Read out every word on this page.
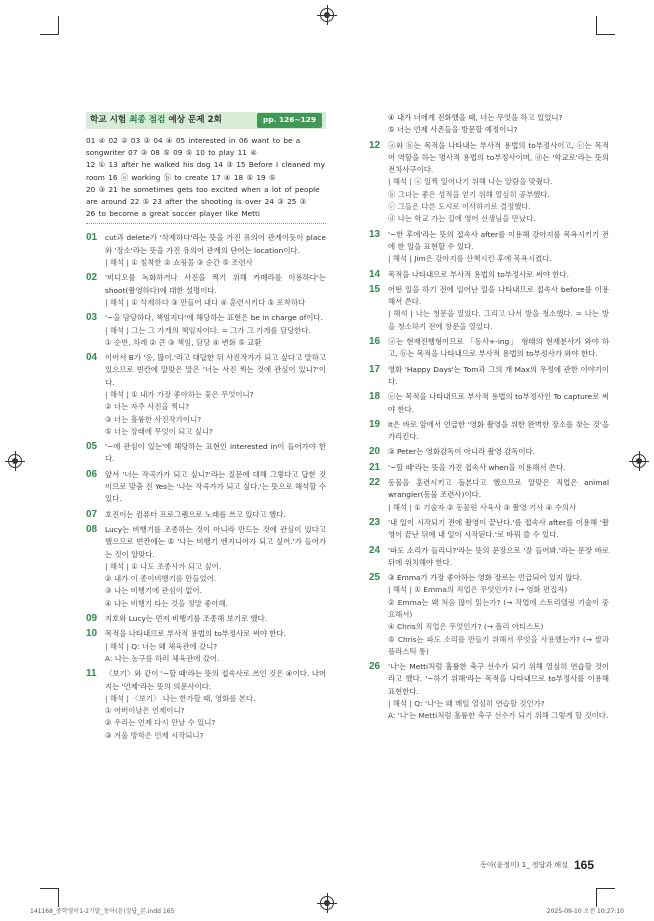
학교 시험 최종 점검 예상 문제 2회	pp. 126~129
01 ④ 02 ② 03 ③ 04 ④ 05 interested in 06 want to be a songwriter 07 ③ 08 ⑤ 09 ⑤ 10 to play 11 ④
12 ① 13 after he walked his dog 14 ③ 15 Before I cleaned my room 16 ⓐ working ⓑ to create 17 ④ 18 ⑤ 19 ⑤
20 ③ 21 he sometimes gets too excited when a lot of people are around 22 ⑤ 23 after the shooting is over 24 ③ 25 ③
26 to become a great soccer player like Metti
01	cut과 delete가 '삭제하다'라는 뜻을 가진 유의어 관계이듯이 place와 '장소'라는 뜻을 가진 유의어 관계의 단어는 location이다.
| 해석 | ① 침착한 ② 쇼핑몰 ③ 순간 ⑤ 조련사
02	'비디오를 녹화하거나 사진을 찍기 위해 카메라를 이용하다'는 shoot(촬영하다)에 대한 설명이다.
| 해석 | ① 삭제하다 ③ 만들어 내다 ④ 훈련시키다 ⑤ 포착하다
03	'~을 담당하다, 책임지다'에 해당하는 표현은 be in charge of이다.
| 해석 | 그는 그 가게의 책임자이다. = 그가 그 가게를 담당한다.
① 순번, 차례 ② 큰 ③ 책임, 담당 ④ 변화 ⑤ 교환
04	이어서 B가 '응, 많이.'라고 대답한 뒤 사진작가가 되고 싶다고 말하고 있으므로 빈칸에 알맞은 말은 '너는 사진 찍는 것에 관심이 있니?'이다.
| 해석 | ① 내가 가장 좋아하는 꽃은 무엇이니?
② 너는 자주 사진을 찍니?
③ 너는 훌륭한 사진작가이니?
⑤ 너는 장래에 무엇이 되고 싶니?
05	'~에 관심이 있는'에 해당하는 표현인 interested in이 들어가야 한다.
06	앞서 '너는 작곡가가 되고 싶니?'라는 질문에 대해 그렇다고 답한 것이므로 맞춤 진 Yes는 '나는 작곡가가 되고 싶다.'는 뜻으로 해석할 수 있다.
07	호진이는 컴퓨터 프로그램으로 노래를 쓰고 있다고 했다.
08	Lucy는 비행기를 조종하는 것이 아니라 만드는 것에 관심이 있다고 했으므로 빈칸에는 ⑤ '나는 비행기 엔지니어가 되고 싶어.'가 들어가는 것이 알맞다.
| 해석 | ① 나도 조종사가 되고 싶어.
② 내가 이 종이비행기를 만들었어.
③ 나는 비행기에 관심이 없어.
④ 나는 비행기 타는 것을 정말 좋아해.
09	지호와 Lucy는 먼저 비행기를 조종해 보기로 했다.
10	목적을 나타내므로 부사적 용법의 to부정사로 써야 한다.
| 해석 | Q: 너는 왜 체육관에 갔니?
A: 나는 농구를 하러 체육관에 갔어.
11	〈보기〉와 같이 '~할 때'라는 뜻의 접속사로 쓰인 것은 ④이다. 나머지는 '언제'라는 뜻의 의문사이다.
| 해석 | 〈보기〉 나는 한가할 때, 영화를 본다.
① 어버이날은 언제이니?
② 우리는 언제 다시 만날 수 있니?
③ 겨울 방학은 언제 시작되니?
④ 내가 너에게 전화했을 때, 너는 무엇을 하고 있었니?
⑤ 너는 언제 사촌들을 방문할 예정이니?
12	ⓐ와 ⓑ는 목적을 나타내는 부사적 용법의 to부정사이고, ⓒ는 목적어 역할을 하는 명사적 용법의 to부정사이며, ⓓ는 '학교로'라는 뜻의 전치사구이다.
| 해석 | ⓐ 일찍 일어나기 위해 나는 알람을 맞췄다.
ⓑ 그녀는 좋은 성적을 얻기 위해 열심히 공부했다.
ⓒ 그들은 다른 도시로 이사하기로 결정했다.
ⓓ 나는 학교 가는 길에 영어 선생님을 만났다.
13	'~한 후에'라는 뜻의 접속사 after를 이용해 강아지를 목욕시키기 전에 한 일을 표현할 수 있다.
| 해석 | Jim은 강아지를 산책시킨 후에 목욕시켰다.
14	목적을 나타내므로 부사적 용법의 to부정사로 써야 한다.
15	어떤 일을 하기 전에 일어난 일을 나타내므로 접속사 before를 이용해서 쓴다.
| 해석 | 나는 청문을 열었다. 그리고 나서 방을 청소했다. = 나는 방을 청소하기 전에 창문을 열었다.
16	ⓐ는 현재진행형이므로 「동사+-ing」 형태의 현재분사가 와야 하고, ⓑ는 목적을 나타내므로 부사적 용법의 to부정사가 와야 한다.
17	영화 'Happy Days'는 Tom과 그의 개 Max의 우정에 관한 이야기이다.
18	ⓔ는 목적을 나타내므로 부사적 용법의 to부정사인 To capture로 써야 한다.
19	it은 바로 앞에서 언급한 '영화 촬영을 위한 완벽한 장소를 찾는 것'을 가리킨다.
20	③ Peter는 영화감독이 아니라 촬영 감독이다.
21	'~할 때'라는 뜻을 가진 접속사 when을 이용해서 쓴다.
22	동물을 훈련시키고 돌본다고 했으므로 알맞은 직업은 animal wrangler(동물 조련사)이다.
| 해석 | ① 기술자 ② 동물원 사육사 ③ 촬영 기사 ④ 수의사
23	'내 일이 시작되기 전에 촬영이 끝난다.'를 접속사 after를 이용해 '촬영이 끝난 뒤에 내 일이 시작된다.'로 바꿔 쓸 수 있다.
24	'파도 소리가 들리니?'라는 뜻의 문장으로 '잘 들어봐.'라는 문장 바로 뒤에 위치해야 한다.
25	③ Emma가 가장 좋아하는 영화 장르는 언급되어 있지 않다.
| 해석 | ① Emma의 직업은 무엇인가? (→ 영화 편집자)
② Emma는 왜 처음 많이 읽는가? (→ 작업에 스토리텔링 기술이 중요해서)
④ Chris의 직업은 무엇인가? (→ 폴리 아티스트)
⑤ Chris는 파도 소리를 만들기 위해서 무엇을 사용했는가? (→ 쌀과 플라스틱 통)
26	'나'는 Metti처럼 훌륭한 축구 선수가 되기 위해 열심히 연습할 것이라고 했다. '~하기 위해'라는 목적을 나타내므로 to부정사를 이용해 표현한다.
| 해석 | Q: '나'는 왜 매일 열심히 연습할 것인가?
A: '나'는 Metti처럼 훌륭한 축구 선수가 되기 위해 그렇게 할 것이다.
동아(윤정미) 1_ 정답과 해설 165
141168_중학영어1-2기말_동아(윤)정답_본.indd 165	2025-09-10 오전 10:27:10
